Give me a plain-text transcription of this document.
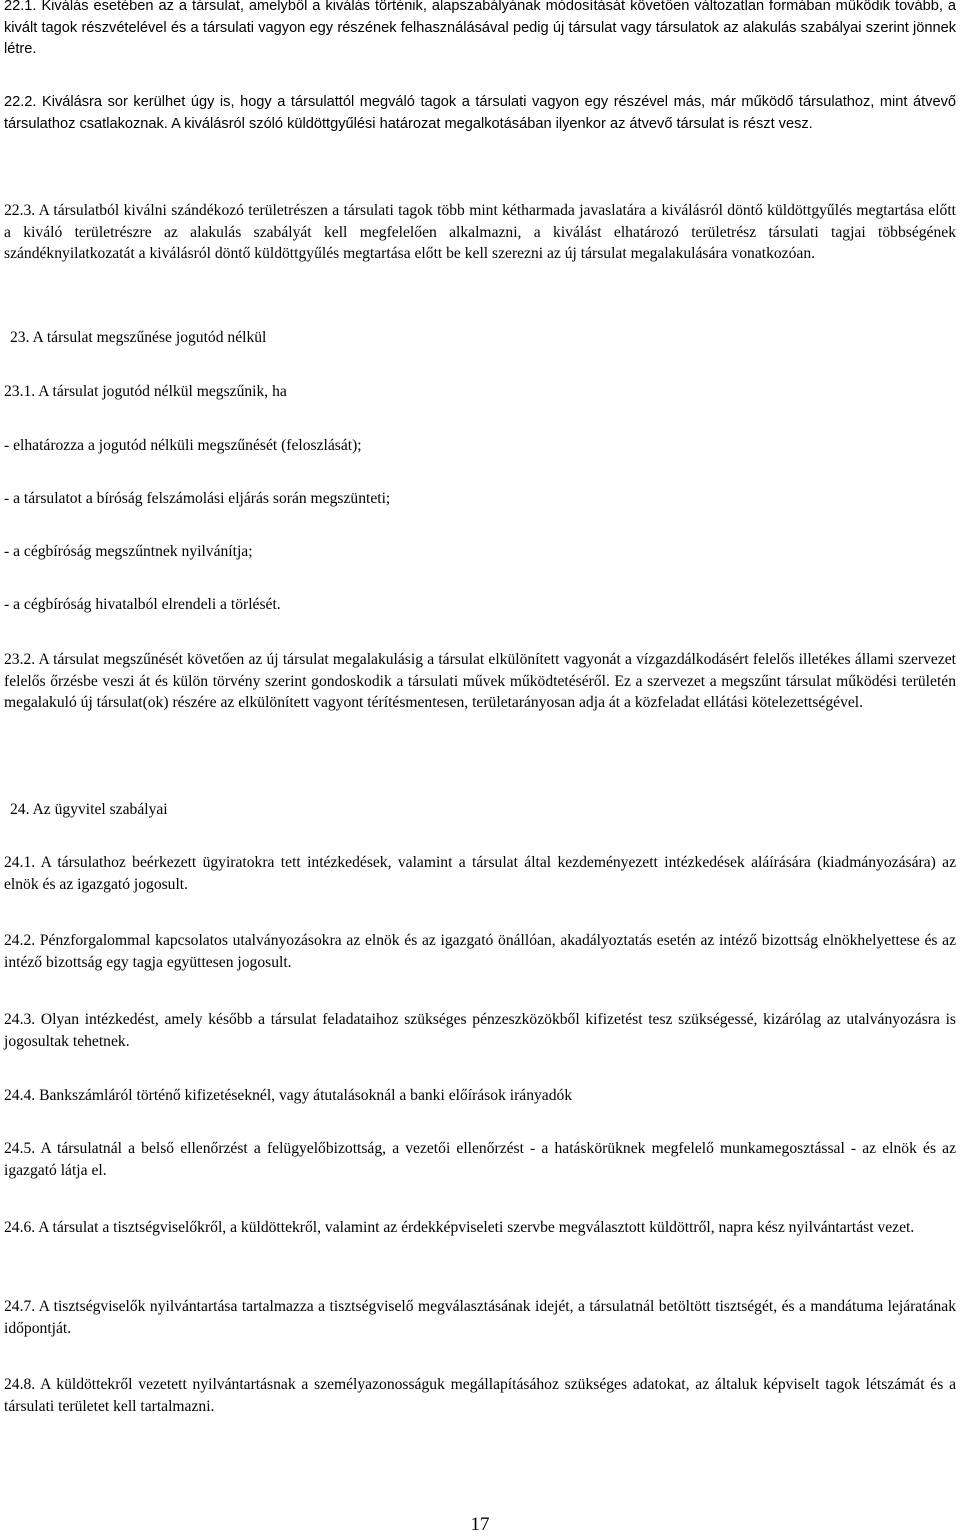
22.1. Kiválás esetében az a társulat, amelyből a kiválás történik, alapszabályának módosítását követően változatlan formában működik tovább, a kivált tagok részvételével és a társulati vagyon egy részének felhasználásával pedig új társulat vagy társulatok az alakulás szabályai szerint jönnek létre.

22.2. Kiválásra sor kerülhet úgy is, hogy a társulattól megváló tagok a társulati vagyon egy részével más, már működő társulathoz, mint átvevő társulathoz csatlakoznak. A kiválásról szóló küldöttgyűlési határozat megalkotásában ilyenkor az átvevő társulat is részt vesz.

22.3. A társulatból kiválni szándékozó területrészen a társulati tagok több mint kétharmada javaslatára a kiválásról döntő küldöttgyűlés megtartása előtt a kiváló területrészre az alakulás szabályát kell megfelelően alkalmazni, a kiválást elhatározó területrész társulati tagjai többségének szándéknyilatkozatát a kiválásról döntő küldöttgyűlés megtartása előtt be kell szerezni az új társulat megalakulására vonatkozóan.

23. A társulat megszűnése jogutód nélkül

23.1. A társulat jogutód nélkül megszűnik, ha

- elhatározza a jogutód nélküli megszűnését (feloszlását);

- a társulatot a bíróság felszámolási eljárás során megszünteti;

- a cégbíróság megszűntnek nyilvánítja;

- a cégbíróság hivatalból elrendeli a törlését.

23.2. A társulat megszűnését követően az új társulat megalakulásig a társulat elkülönített vagyonát a vízgazdálkodásért felelős illetékes állami szervezet felelős őrzésbe veszi át és külön törvény szerint gondoskodik a társulati művek működtetéséről. Ez a szervezet a megszűnt társulat működési területén megalakuló új társulat(ok) részére az elkülönített vagyont térítésmentesen, területarányosan adja át a közfeladat ellátási kötelezettségével.

24. Az ügyvitel szabályai

24.1. A társulathoz beérkezett ügyiratokra tett intézkedések, valamint a társulat által kezdeményezett intézkedések aláírására (kiadmányozására) az elnök és az igazgató jogosult.

24.2. Pénzforgalommal kapcsolatos utalványozásokra az elnök és az igazgató önállóan, akadályoztatás esetén az intéző bizottság elnökhelyettese és az intéző bizottság egy tagja együttesen jogosult.

24.3. Olyan intézkedést, amely később a társulat feladataihoz szükséges pénzeszközökből kifizetést tesz szükségessé, kizárólag az utalványozásra is jogosultak tehetnek.

24.4. Bankszámláról történő kifizetéseknél, vagy átutalásoknál a banki előírások irányadók

24.5. A társulatnál a belső ellenőrzést a felügyelőbizottság, a vezetői ellenőrzést - a hatáskörüknek megfelelő munkamegosztással - az elnök és az igazgató látja el.

24.6. A társulat a tisztségviselőkről, a küldöttekről, valamint az érdekképviseleti szervbe megválasztott küldöttről, napra kész nyilvántartást vezet.

24.7. A tisztségviselők nyilvántartása tartalmazza a tisztségviselő megválasztásának idejét, a társulatnál betöltött tisztségét, és a mandátuma lejáratának időpontját.

24.8. A küldöttekről vezetett nyilvántartásnak a személyazonosságuk megállapításához szükséges adatokat, az általuk képviselt tagok létszámát és a társulati területet kell tartalmazni.

17
